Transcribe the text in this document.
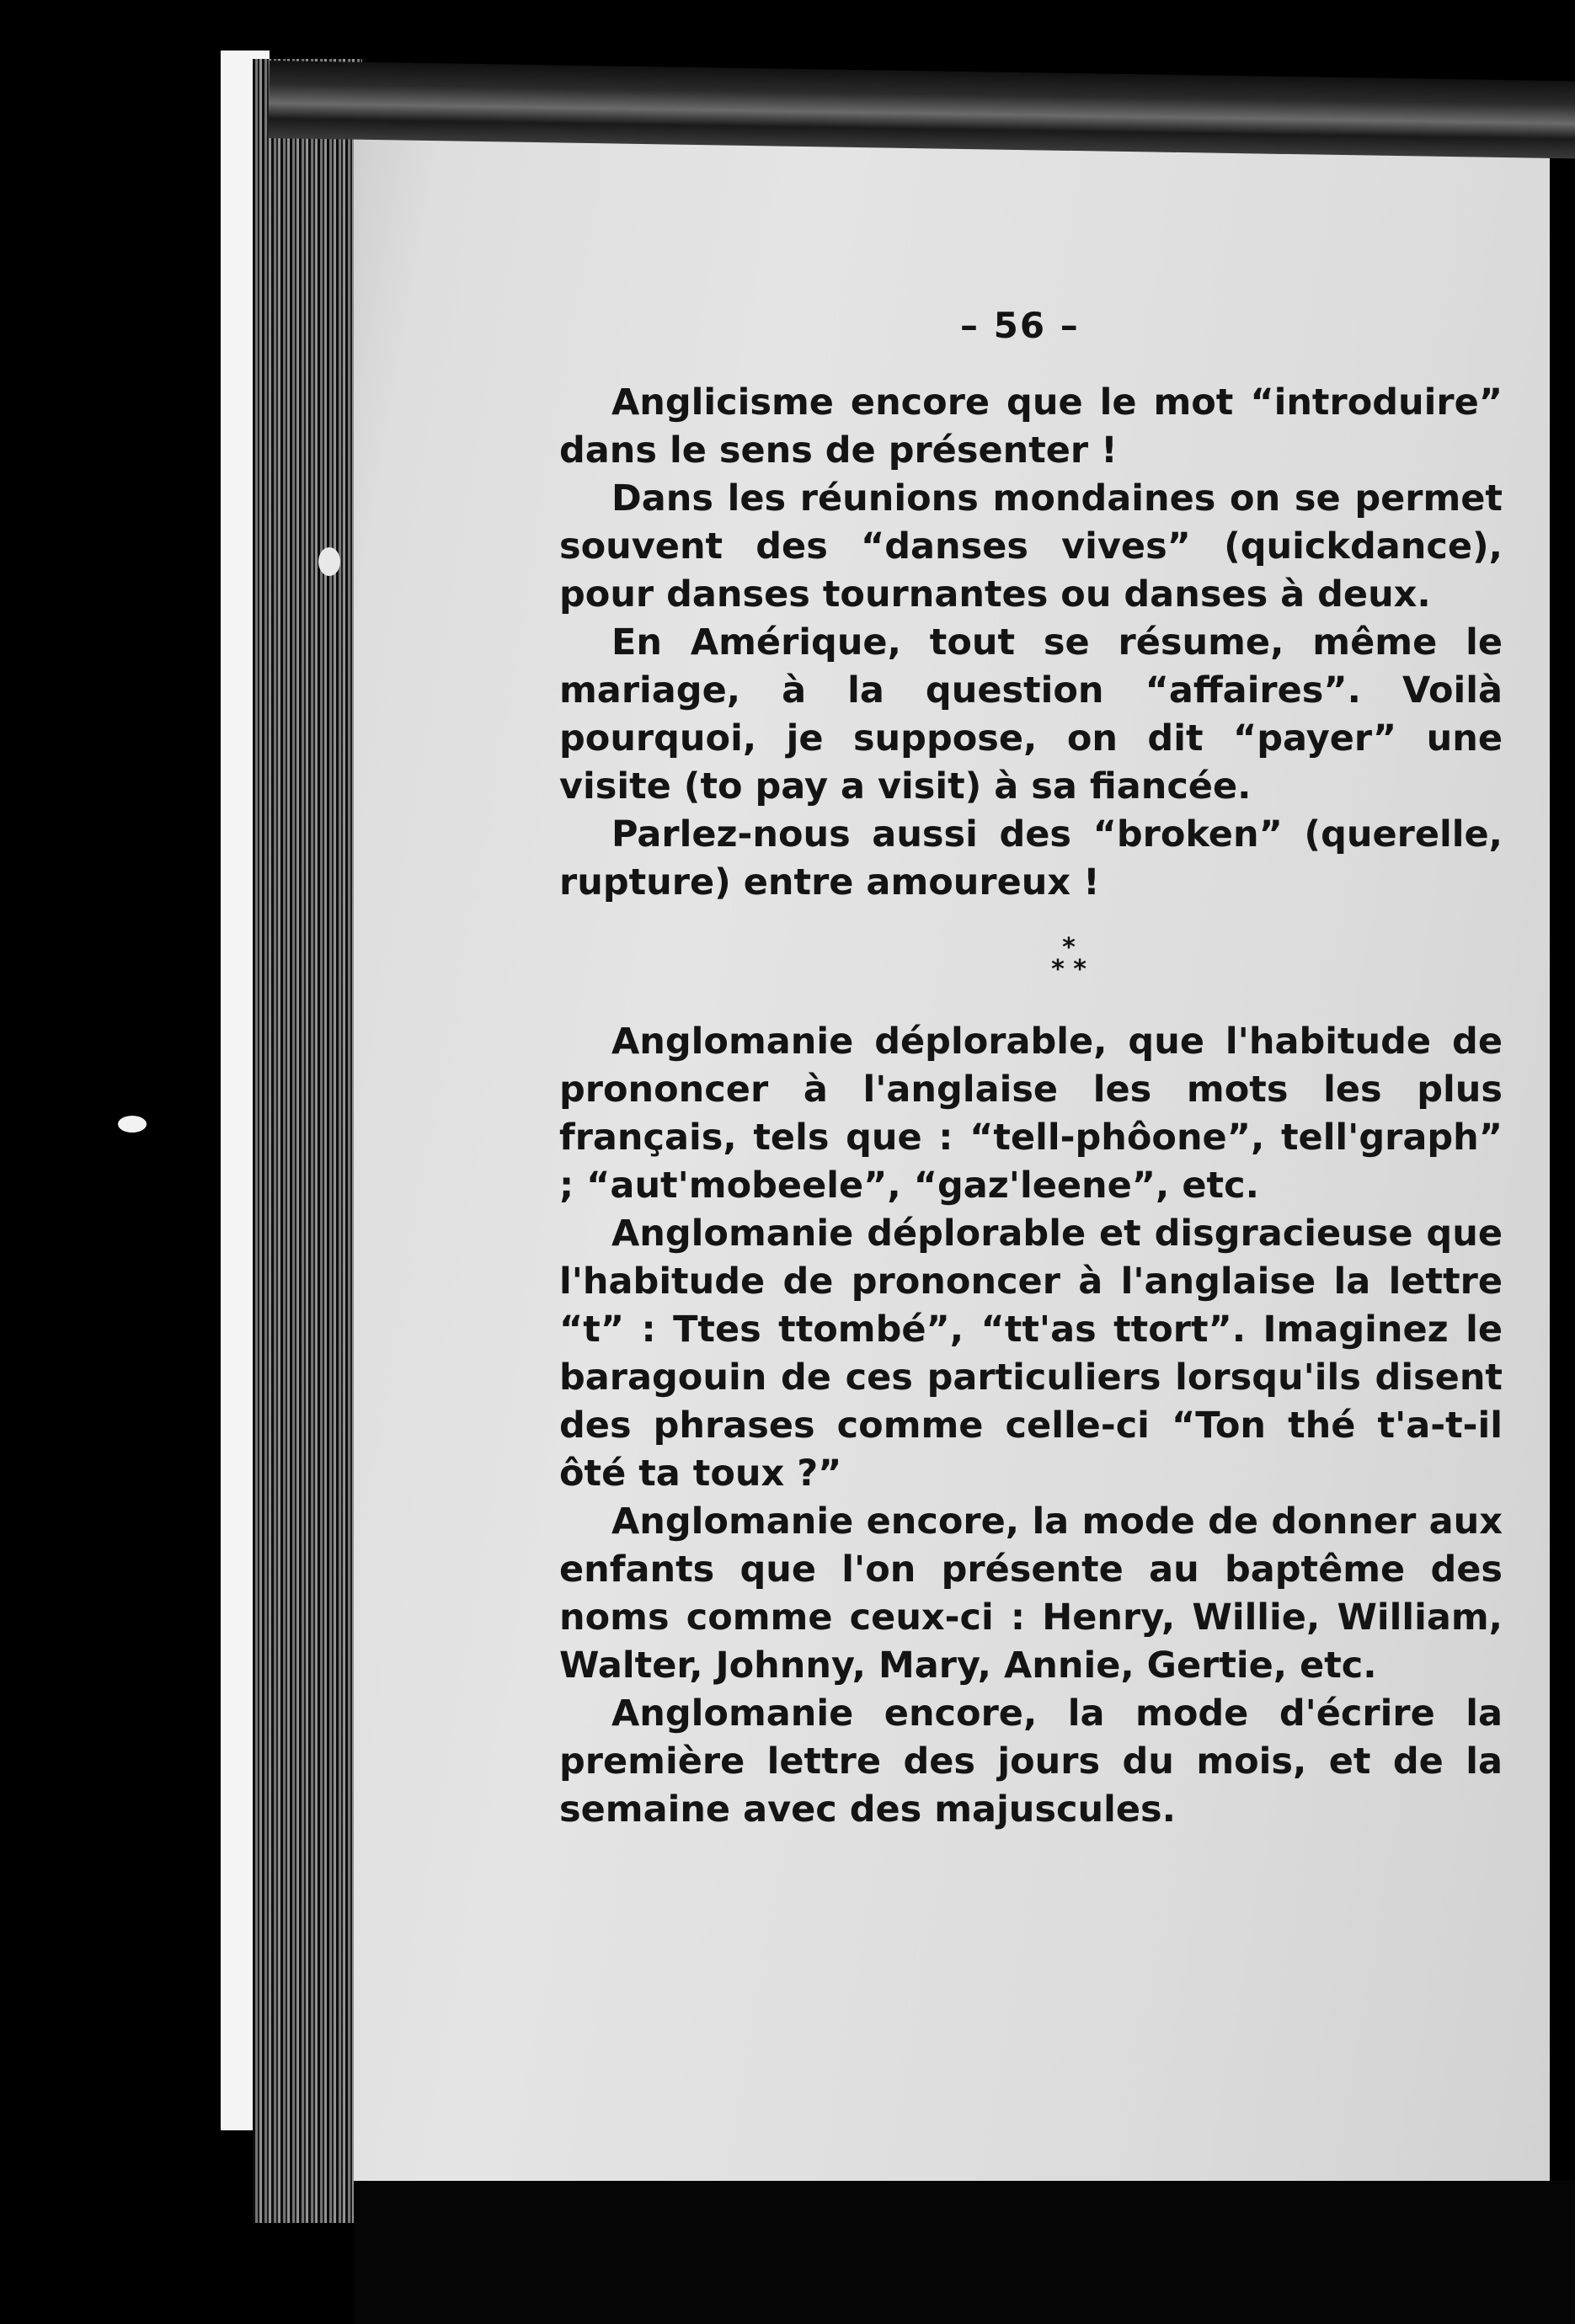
– 56 –

Anglicisme encore que le mot “introduire” dans le sens de présenter !

Dans les réunions mondaines on se permet souvent des “danses vives” (quickdance), pour danses tournantes ou danses à deux.

En Amérique, tout se résume, même le mariage, à la question “affaires”. Voilà pourquoi, je suppose, on dit “payer” une visite (to pay a visit) à sa fiancée.

Parlez-nous aussi des “broken” (querelle, rupture) entre amoureux !

*
* *

Anglomanie déplorable, que l'habitude de prononcer à l'anglaise les mots les plus français, tels que : “tell-phôone”, tell'graph” ; “aut'mobeele”, “gaz'leene”, etc.

Anglomanie déplorable et disgracieuse que l'habitude de prononcer à l'anglaise la lettre “t” : Ttes ttombé”, “tt'as ttort”. Imaginez le baragouin de ces particuliers lorsqu'ils disent des phrases comme celle-ci “Ton thé t'a-t-il ôté ta toux ?”

Anglomanie encore, la mode de donner aux enfants que l'on présente au baptême des noms comme ceux-ci : Henry, Willie, William, Walter, Johnny, Mary, Annie, Gertie, etc.

Anglomanie encore, la mode d'écrire la première lettre des jours du mois, et de la semaine avec des majuscules.
